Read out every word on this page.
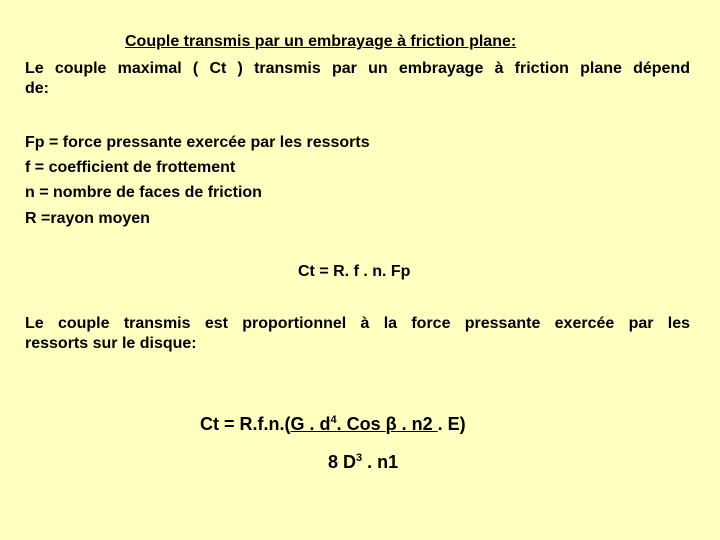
Couple transmis par un embrayage à friction plane:
Le couple maximal ( Ct ) transmis par un embrayage à friction plane dépend
de:
Fp = force pressante exercée par les ressorts
f = coefficient de frottement
n = nombre de faces de friction
R =rayon moyen
Ct = R. f . n. Fp
Le couple transmis est proportionnel à la force pressante exercée par les
ressorts sur le disque:
Ct = R.f.n.(G . $d^4$. Cos β . n2 . E)
8 $D^3$ . n1
